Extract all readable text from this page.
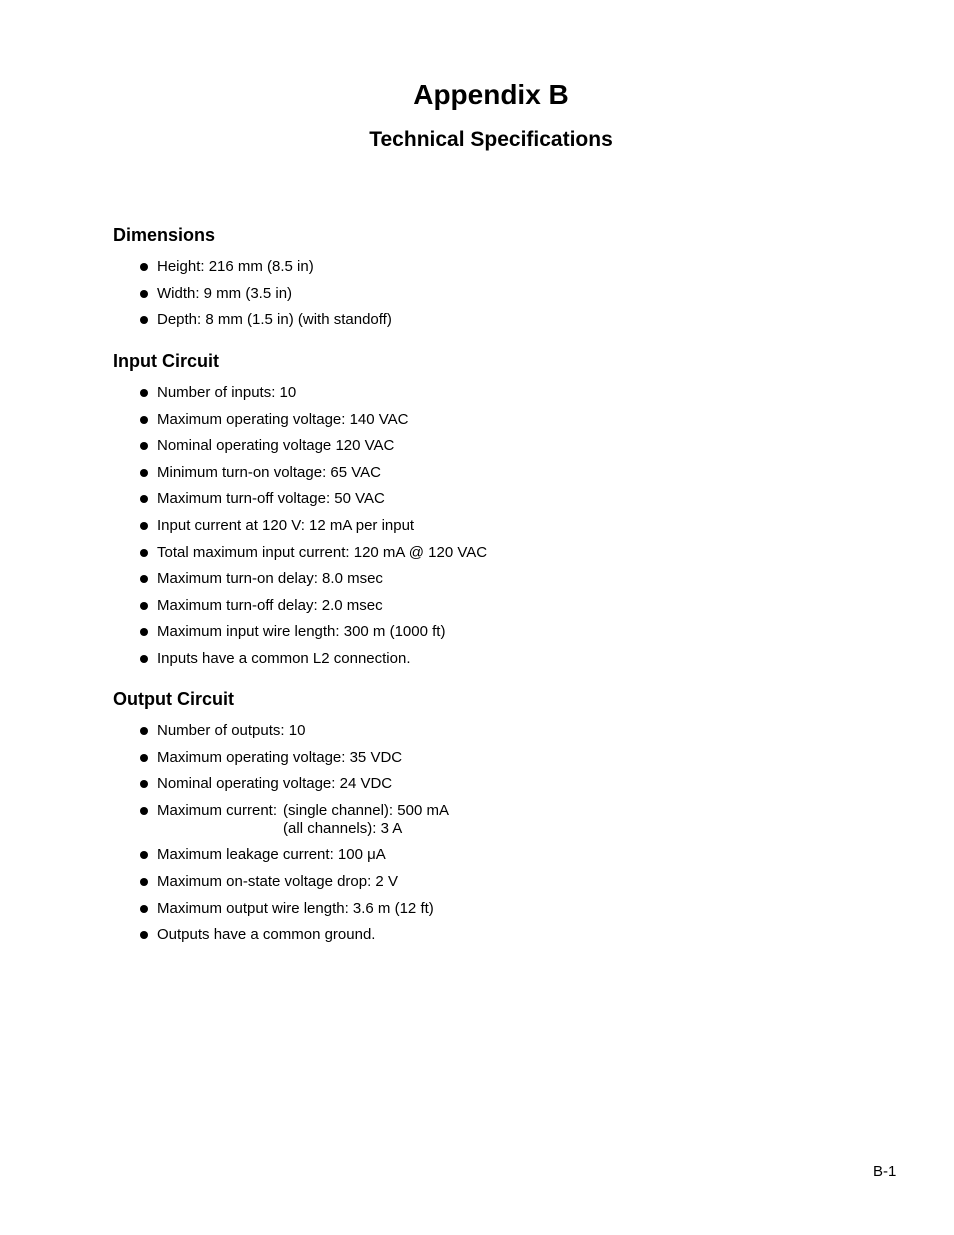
Appendix B
Technical Specifications
Dimensions
Height: 216 mm (8.5 in)
Width: 9 mm (3.5 in)
Depth: 8 mm (1.5 in) (with standoff)
Input Circuit
Number of inputs: 10
Maximum operating voltage: 140 VAC
Nominal operating voltage 120 VAC
Minimum turn-on voltage: 65 VAC
Maximum turn-off voltage: 50 VAC
Input current at 120 V: 12 mA per input
Total maximum input current: 120 mA @ 120 VAC
Maximum turn-on delay: 8.0 msec
Maximum turn-off delay: 2.0 msec
Maximum input wire length: 300 m (1000 ft)
Inputs have a common L2 connection.
Output Circuit
Number of outputs: 10
Maximum operating voltage: 35 VDC
Nominal operating voltage: 24 VDC
Maximum current: (single channel): 500 mA
(all channels): 3 A
Maximum leakage current: 100 μA
Maximum on-state voltage drop: 2 V
Maximum output wire length: 3.6 m (12 ft)
Outputs have a common ground.
B-1
